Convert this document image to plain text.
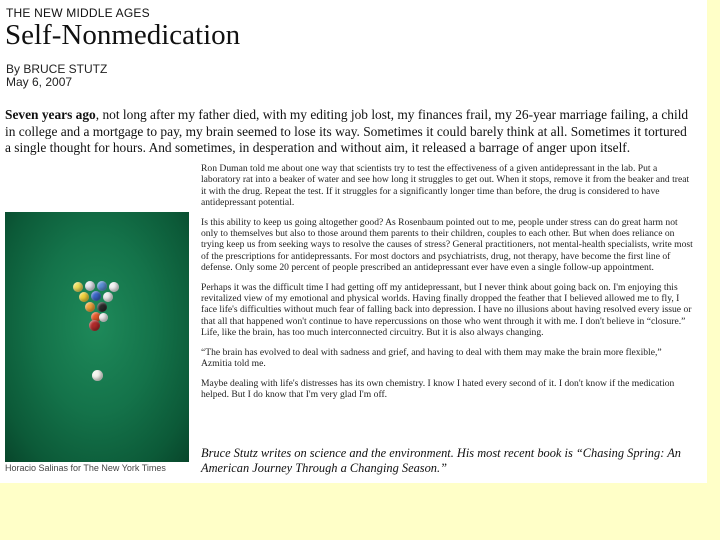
THE NEW MIDDLE AGES
Self-Nonmedication
By BRUCE STUTZ
May 6, 2007
Seven years ago, not long after my father died, with my editing job lost, my finances frail, my 26-year marriage failing, a child in college and a mortgage to pay, my brain seemed to lose its way. Sometimes it could barely think at all. Sometimes it tortured a single thought for hours. And sometimes, in desperation and without aim, it released a barrage of anger upon itself.
Horacio Salinas for The New York Times

Ron Duman told me about one way that scientists try to test the effectiveness of a given antidepressant in the lab. Put a laboratory rat into a beaker of water and see how long it struggles to get out. When it stops, remove it from the beaker and treat it with the drug. Repeat the test. If it struggles for a significantly longer time than before, the drug is considered to have antidepressant potential.

Is this ability to keep us going altogether good? As Rosenbaum pointed out to me, people under stress can do great harm not only to themselves but also to those around them parents to their children, couples to each other. But when does reliance on trying keep us from seeking ways to resolve the causes of stress? General practitioners, not mental-health specialists, write most of the prescriptions for antidepressants. For most doctors and psychiatrists, drug, not therapy, have become the first line of defense. Only some 20 percent of people prescribed an antidepressant ever have even a single follow-up appointment.

Perhaps it was the difficult time I had getting off my antidepressant, but I never think about going back on. I'm enjoying this revitalized view of my emotional and physical worlds. Having finally dropped the feather that I believed allowed me to fly, I face life's difficulties without much fear of falling back into depression. I have no illusions about having resolved every issue or that all that happened won't continue to have repercussions on those who went through it with me. I don't believe in “closure.” Life, like the brain, has too much interconnected circuitry. But it is also always changing.

“The brain has evolved to deal with sadness and grief, and having to deal with them may make the brain more flexible,” Azmitia told me.

Maybe dealing with life's distresses has its own chemistry. I know I hated every second of it. I don't know if the medication helped. But I do know that I'm very glad I'm off.

Bruce Stutz writes on science and the environment. His most recent book is “Chasing Spring: An American Journey Through a Changing Season.”
